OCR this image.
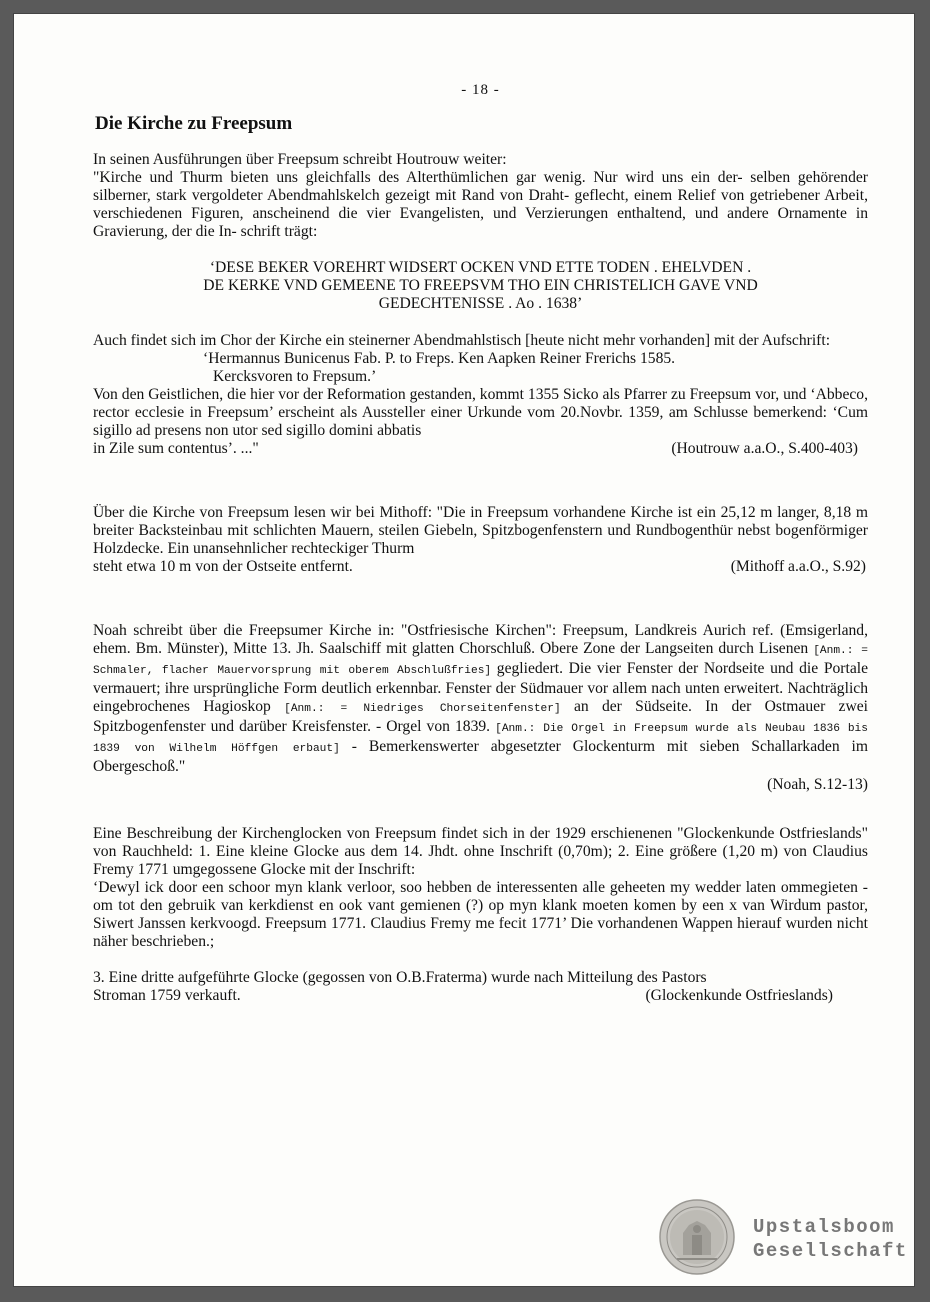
- 18 -
Die Kirche zu Freepsum

In seinen Ausführungen über Freepsum schreibt Houtrouw weiter:

"Kirche und Thurm bieten uns gleichfalls des Alterthümlichen gar wenig. Nur wird uns ein der- selben gehörender silberner, stark vergoldeter Abendmahlskelch gezeigt mit Rand von Draht- geflecht, einem Relief von getriebener Arbeit, verschiedenen Figuren, anscheinend die vier Evangelisten, und Verzierungen enthaltend, und andere Ornamente in Gravierung, der die In- schrift trägt:

‘DESE BEKER VOREHRT WIDSERT OCKEN VND ETTE TODEN . EHELVDEN .
DE KERKE VND GEMEENE TO FREEPSVM THO EIN CHRISTELICH GAVE VND
GEDECHTENISSE . Ao . 1638’

Auch findet sich im Chor der Kirche ein steinerner Abendmahlstisch [heute nicht mehr vorhanden] mit der Aufschrift:

‘Hermannus Bunicenus Fab. P. to Freps. Ken Aapken Reiner Frerichs 1585.
Kercksvoren to Frepsum.’

Von den Geistlichen, die hier vor der Reformation gestanden, kommt 1355 Sicko als Pfarrer zu Freepsum vor, und ‘Abbeco, rector ecclesie in Freepsum’ erscheint als Aussteller einer Urkunde vom 20.Novbr. 1359, am Schlusse bemerkend: ‘Cum sigillo ad presens non utor sed sigillo domini abbatis

in Zile sum contentus’. ..."	(Houtrouw a.a.O., S.400-403)

Über die Kirche von Freepsum lesen wir bei Mithoff: "Die in Freepsum vorhandene Kirche ist ein 25,12 m langer, 8,18 m breiter Backsteinbau mit schlichten Mauern, steilen Giebeln, Spitzbogenfenstern und Rundbogenthür nebst bogenförmiger Holzdecke. Ein unansehnlicher rechteckiger Thurm

steht etwa 10 m von der Ostseite entfernt.	(Mithoff a.a.O., S.92)

Noah schreibt über die Freepsumer Kirche in: "Ostfriesische Kirchen": Freepsum, Landkreis Aurich ref. (Emsigerland, ehem. Bm. Münster), Mitte 13. Jh. Saalschiff mit glatten Chorschluß. Obere Zone der Langseiten durch Lisenen [Anm.: = Schmaler, flacher Mauervorsprung mit oberem Abschlußfries] gegliedert. Die vier Fenster der Nordseite und die Portale vermauert; ihre ursprüngliche Form deutlich erkennbar. Fenster der Südmauer vor allem nach unten erweitert. Nachträglich eingebrochenes Hagioskop [Anm.: = Niedriges Chorseitenfenster] an der Südseite. In der Ostmauer zwei Spitzbogenfenster und darüber Kreisfenster. - Orgel von 1839. [Anm.: Die Orgel in Freepsum wurde als Neubau 1836 bis 1839 von Wilhelm Höffgen erbaut] - Bemerkenswerter abgesetzter Glockenturm mit sieben Schallarkaden im Obergeschoß."

(Noah, S.12-13)

Eine Beschreibung der Kirchenglocken von Freepsum findet sich in der 1929 erschienenen "Glockenkunde Ostfrieslands" von Rauchheld: 1. Eine kleine Glocke aus dem 14. Jhdt. ohne Inschrift (0,70m); 2. Eine größere (1,20 m) von Claudius Fremy 1771 umgegossene Glocke mit der Inschrift:

‘Dewyl ick door een schoor myn klank verloor, soo hebben de interessenten alle geheeten my wedder laten ommegieten - om tot den gebruik van kerkdienst en ook vant gemienen (?) op myn klank moeten komen by een x van Wirdum pastor, Siwert Janssen kerkvoogd. Freepsum 1771. Claudius Fremy me fecit 1771’ Die vorhandenen Wappen hierauf wurden nicht näher beschrieben.;

3. Eine dritte aufgeführte Glocke (gegossen von O.B.Fraterma) wurde nach Mitteilung des Pastors

Stroman 1759 verkauft.	(Glockenkunde Ostfrieslands)
Upstalsboom
Gesellschaft
